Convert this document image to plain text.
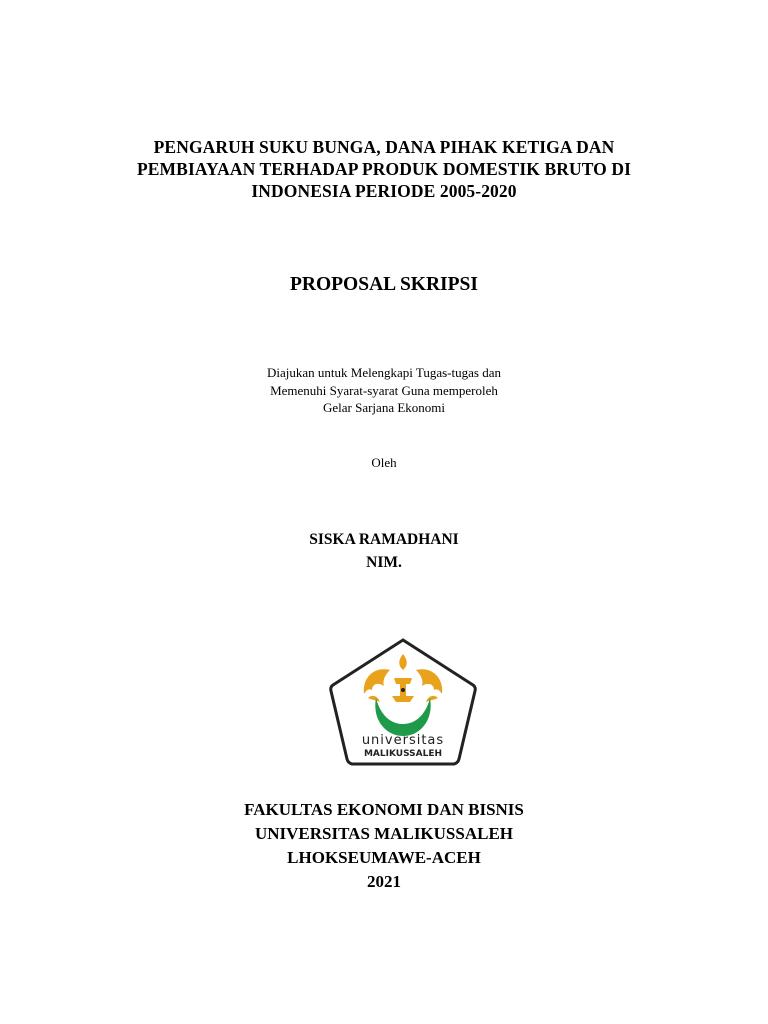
PENGARUH SUKU BUNGA, DANA PIHAK KETIGA DAN
PEMBIAYAAN TERHADAP PRODUK DOMESTIK BRUTO DI
INDONESIA PERIODE 2005-2020
PROPOSAL SKRIPSI
Diajukan untuk Melengkapi Tugas-tugas dan
Memenuhi Syarat-syarat Guna memperoleh
Gelar Sarjana Ekonomi
Oleh
SISKA RAMADHANI
NIM.
universitas
MALIKUSSALEH
FAKULTAS EKONOMI DAN BISNIS
UNIVERSITAS MALIKUSSALEH
LHOKSEUMAWE-ACEH
2021
